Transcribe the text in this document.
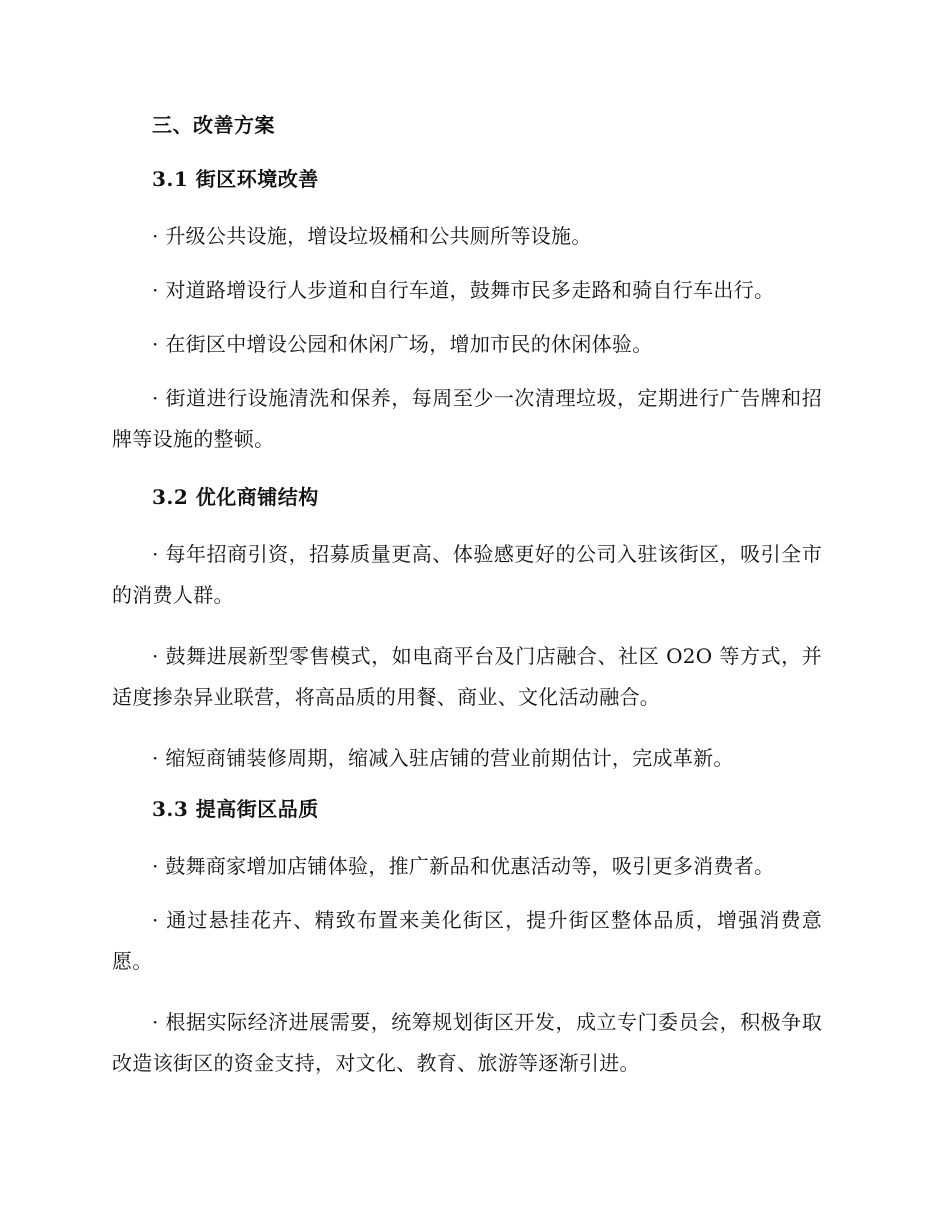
三、改善方案
3.1 街区环境改善

· 升级公共设施，增设垃圾桶和公共厕所等设施。

· 对道路增设行人步道和自行车道，鼓舞市民多走路和骑自行车出行。

· 在街区中增设公园和休闲广场，增加市民的休闲体验。

· 街道进行设施清洗和保养，每周至少一次清理垃圾，定期进行广告牌和招牌等设施的整顿。

3.2 优化商铺结构

· 每年招商引资，招募质量更高、体验感更好的公司入驻该街区，吸引全市的消费人群。

· 鼓舞进展新型零售模式，如电商平台及门店融合、社区 O2O 等方式，并适度掺杂异业联营，将高品质的用餐、商业、文化活动融合。

· 缩短商铺装修周期，缩减入驻店铺的营业前期估计，完成革新。

3.3 提高街区品质

· 鼓舞商家增加店铺体验，推广新品和优惠活动等，吸引更多消费者。

· 通过悬挂花卉、精致布置来美化街区，提升街区整体品质，增强消费意愿。

· 根据实际经济进展需要，统筹规划街区开发，成立专门委员会，积极争取改造该街区的资金支持，对文化、教育、旅游等逐渐引进。
